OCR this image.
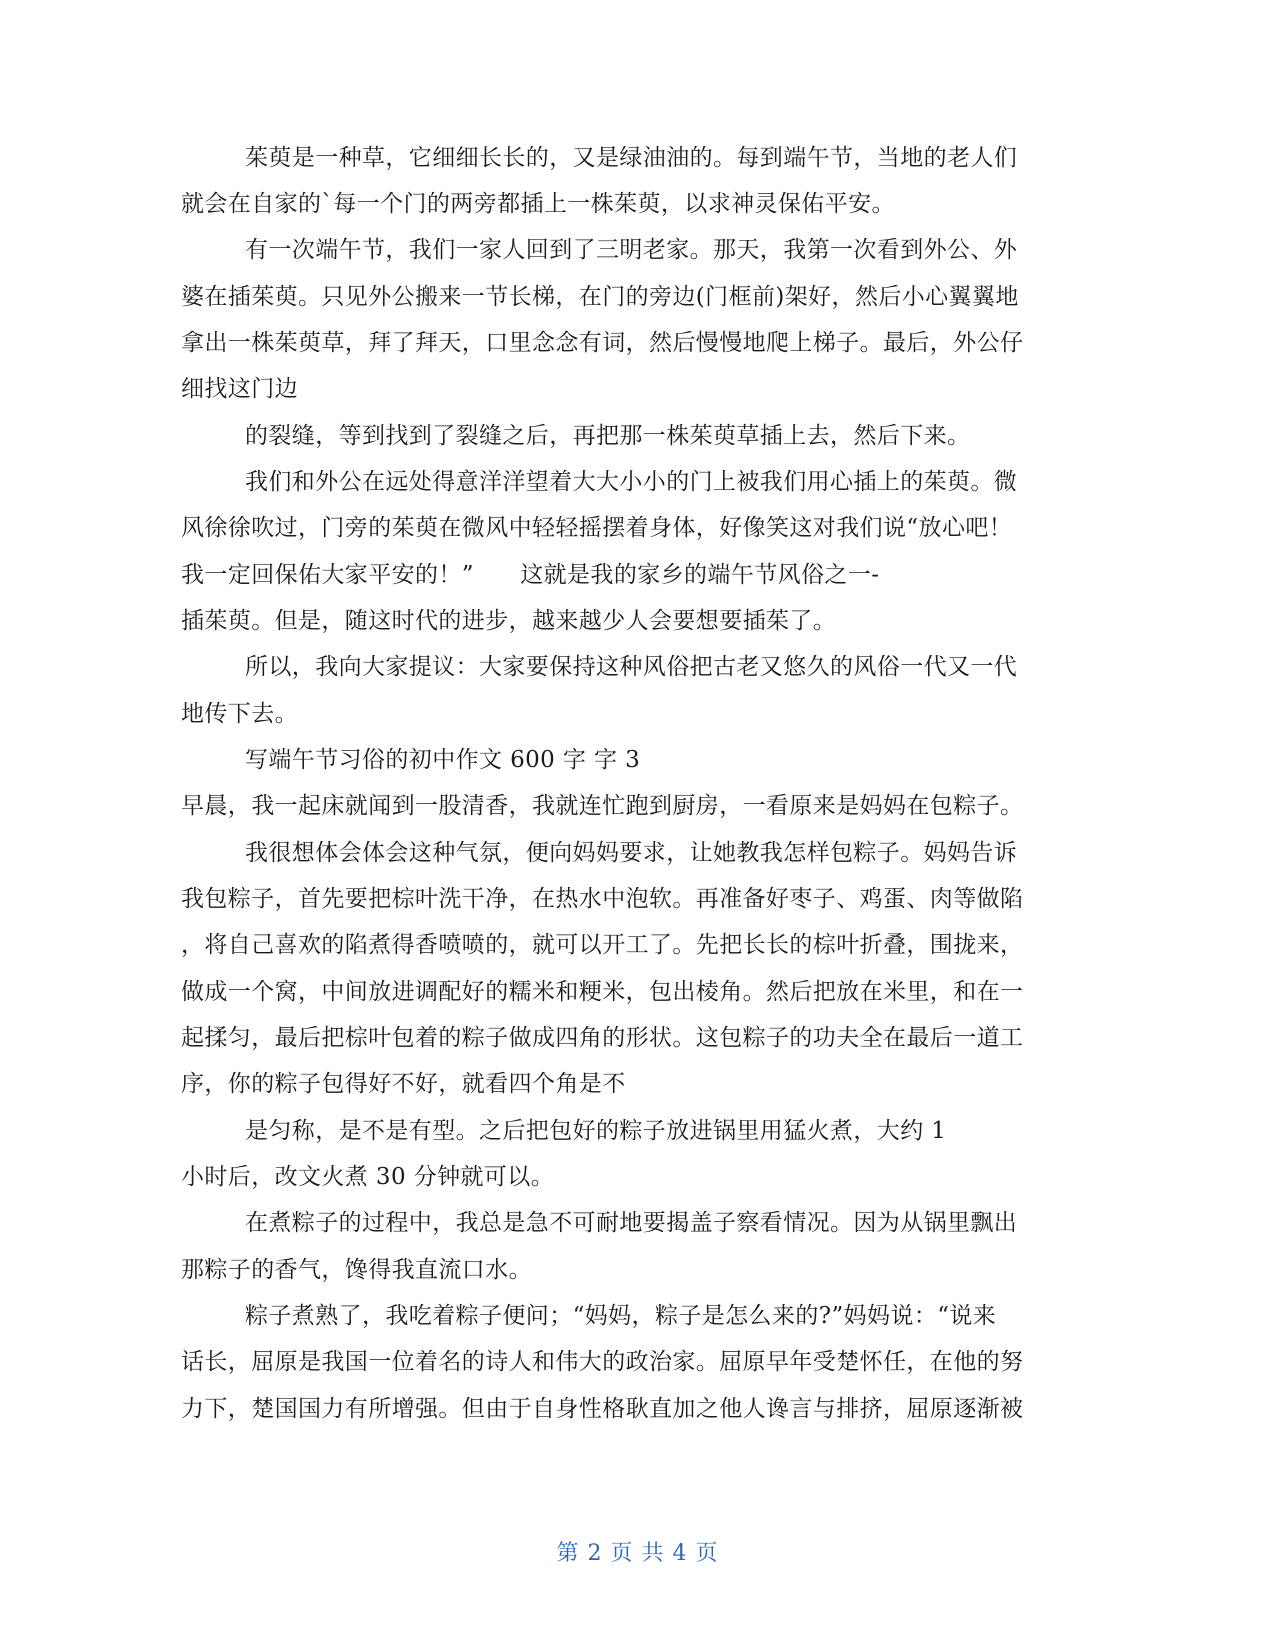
茱萸是一种草，它细细长长的，又是绿油油的。每到端午节，当地的老人们
就会在自家的`每一个门的两旁都插上一株茱萸，以求神灵保佑平安。
有一次端午节，我们一家人回到了三明老家。那天，我第一次看到外公、外
婆在插茱萸。只见外公搬来一节长梯，在门的旁边(门框前)架好，然后小心翼翼地
拿出一株茱萸草，拜了拜天，口里念念有词，然后慢慢地爬上梯子。最后，外公仔
细找这门边
的裂缝，等到找到了裂缝之后，再把那一株茱萸草插上去，然后下来。
我们和外公在远处得意洋洋望着大大小小的门上被我们用心插上的茱萸。微
风徐徐吹过，门旁的茱萸在微风中轻轻摇摆着身体，好像笑这对我们说“放心吧！
我一定回保佑大家平安的！”      这就是我的家乡的端午节风俗之一-
插茱萸。但是，随这时代的进步，越来越少人会要想要插茱了。
所以，我向大家提议：大家要保持这种风俗把古老又悠久的风俗一代又一代
地传下去。
写端午节习俗的初中作文 600 字 字 3
早晨，我一起床就闻到一股清香，我就连忙跑到厨房，一看原来是妈妈在包粽子。
我很想体会体会这种气氛，便向妈妈要求，让她教我怎样包粽子。妈妈告诉
我包粽子，首先要把棕叶洗干净，在热水中泡软。再准备好枣子、鸡蛋、肉等做陷
，将自己喜欢的陷煮得香喷喷的，就可以开工了。先把长长的棕叶折叠，围拢来，
做成一个窝，中间放进调配好的糯米和粳米，包出棱角。然后把放在米里，和在一
起揉匀，最后把棕叶包着的粽子做成四角的形状。这包粽子的功夫全在最后一道工
序，你的粽子包得好不好，就看四个角是不
是匀称，是不是有型。之后把包好的粽子放进锅里用猛火煮，大约 1
小时后，改文火煮 30 分钟就可以。
在煮粽子的过程中，我总是急不可耐地要揭盖子察看情况。因为从锅里飘出
那粽子的香气，馋得我直流口水。
粽子煮熟了，我吃着粽子便问；“妈妈，粽子是怎么来的?”妈妈说：“说来
话长，屈原是我国一位着名的诗人和伟大的政治家。屈原早年受楚怀任，在他的努
力下，楚国国力有所增强。但由于自身性格耿直加之他人谗言与排挤，屈原逐渐被
第 2 页 共 4 页
